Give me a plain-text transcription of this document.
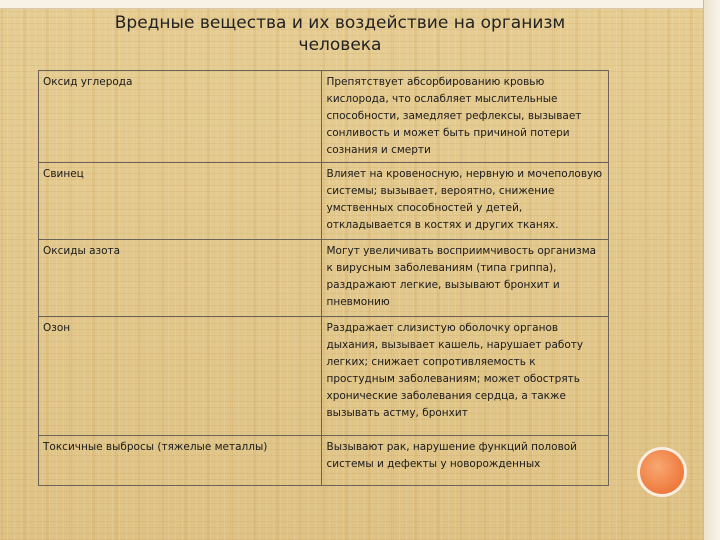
Вредные вещества и их воздействие на организм
человека
Оксид углерода	Препятствует абсорбированию кровью кислорода, что ослабляет мыслительные способности, замедляет рефлексы, вызывает сонливость и может быть причиной потери сознания и смерти
Свинец	Влияет на кровеносную, нервную и мочеполовую системы; вызывает, вероятно, снижение умственных способностей у детей, откладывается в костях и других тканях.
Оксиды азота	Могут увеличивать восприимчивость организма к вирусным заболеваниям (типа гриппа), раздражают легкие, вызывают бронхит и пневмонию
Озон	Раздражает слизистую оболочку органов дыхания, вызывает кашель, нарушает работу легких; снижает сопротивляемость к простудным заболеваниям; может обострять хронические заболевания сердца, а также вызывать астму, бронхит
Токсичные выбросы (тяжелые металлы)	Вызывают рак, нарушение функций половой системы и дефекты у новорожденных
